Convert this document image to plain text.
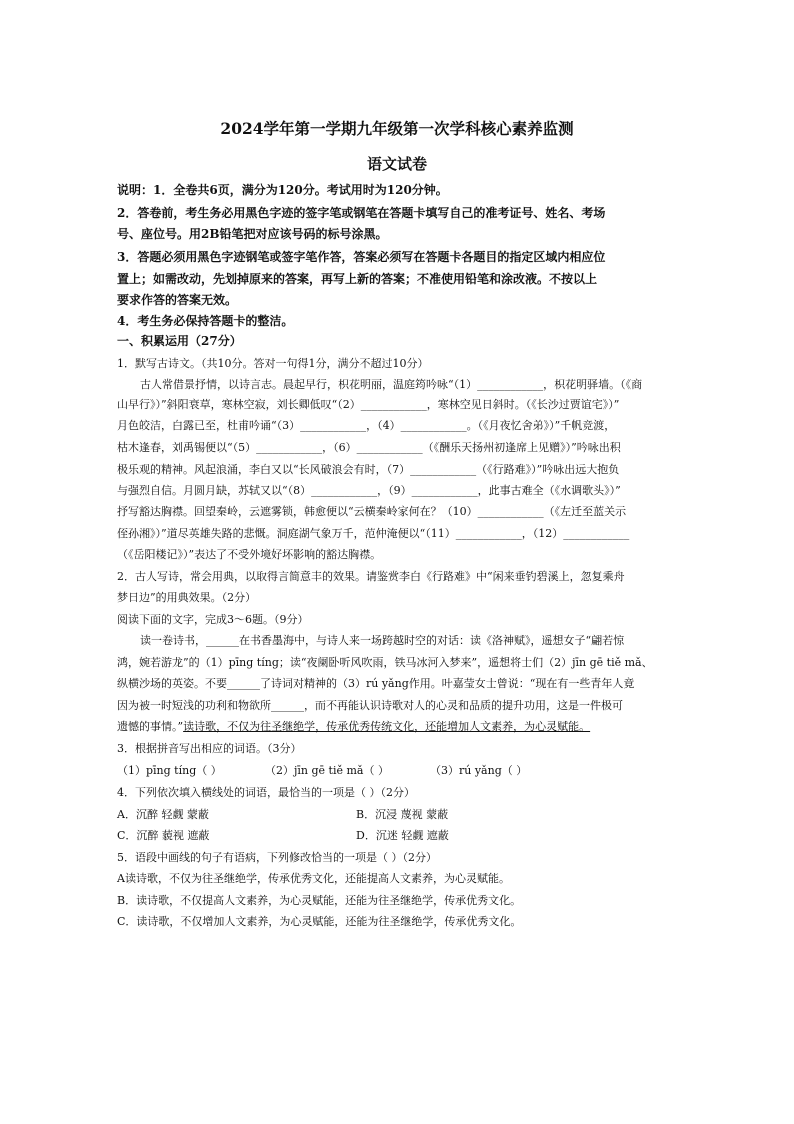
2024学年第一学期九年级第一次学科核心素养监测
语文试卷
说明：1．全卷共6页，满分为120分。考试用时为120分钟。
2．答卷前，考生务必用黑色字迹的签字笔或钢笔在答题卡填写自己的准考证号、姓名、考场
号、座位号。用2B铅笔把对应该号码的标号涂黑。
3．答题必须用黑色字迹钢笔或签字笔作答，答案必须写在答题卡各题目的指定区域内相应位
置上；如需改动，先划掉原来的答案，再写上新的答案；不准使用铅笔和涂改液。不按以上
要求作答的答案无效。
4．考生务必保持答题卡的整洁。
一、积累运用（27分）
1．默写古诗文。（共10分。答对一句得1分，满分不超过10分）
古人常借景抒情，以诗言志。晨起早行，枳花明丽，温庭筠吟咏“（1）____________，枳花明驿墙。（《商
山早行》）”斜阳衰草，寒林空寂，刘长卿低叹“（2）____________，寒林空见日斜时。（《长沙过贾谊宅》）”
月色皎洁，白露已至，杜甫吟诵“（3）____________，（4）____________。（《月夜忆舍弟》）”千帆竞渡，
枯木逢春，刘禹锡便以“（5）____________，（6）____________（《酬乐天扬州初逢席上见赠》）”吟咏出积
极乐观的精神。风起浪涌，李白又以“长风破浪会有时，（7）____________（《行路难》）”吟咏出远大抱负
与强烈自信。月圆月缺，苏轼又以“（8）____________，（9）____________，此事古难全（《水调歌头》）”
抒写豁达胸襟。回望秦岭，云遮雾锁，韩愈便以“云横秦岭家何在？（10）____________（《左迁至蓝关示
侄孙湘》）”道尽英雄失路的悲慨。洞庭湖气象万千，范仲淹便以“（11）____________，（12）____________
（《岳阳楼记》）”表达了不受外境好坏影响的豁达胸襟。
2．古人写诗，常会用典，以取得言简意丰的效果。请鉴赏李白《行路难》中“闲来垂钓碧溪上，忽复乘舟
梦日边”的用典效果。（2分）
阅读下面的文字，完成3～6题。（9分）
读一卷诗书，______在书香墨海中，与诗人来一场跨越时空的对话：读《洛神赋》，遥想女子“翩若惊
鸿，婉若游龙”的（1）pīng tíng；读“夜阑卧听风吹雨，铁马冰河入梦来”，遥想将士们（2）jīn gē tiě mǎ、
纵横沙场的英姿。不要______了诗词对精神的（3）rú yǎng作用。叶嘉莹女士曾说：“现在有一些青年人竟
因为被一时短浅的功利和物欲所______，而不再能认识诗歌对人的心灵和品质的提升功用，这是一件极可
遗憾的事情。”读诗歌，不仅为往圣继绝学，传承优秀传统文化，还能增加人文素养，为心灵赋能。
3．根据拼音写出相应的词语。（3分）
（1）pīng tíng（ ）	（2）jīn gē tiě mǎ（ ）	（3）rú yǎng（ ）
4．下列依次填入横线处的词语，最恰当的一项是（ ）（2分）
A．沉醉 轻觑 蒙蔽	B．沉浸 蔑视 蒙蔽
C．沉醉 藐视 遮蔽	D．沉迷 轻觑 遮蔽
5．语段中画线的句子有语病，下列修改恰当的一项是（ ）（2分）
A读诗歌，不仅为往圣继绝学，传承优秀文化，还能提高人文素养，为心灵赋能。
B．读诗歌，不仅提高人文素养，为心灵赋能，还能为往圣继绝学，传承优秀文化。
C．读诗歌，不仅增加人文素养，为心灵赋能，还能为往圣继绝学，传承优秀文化。
